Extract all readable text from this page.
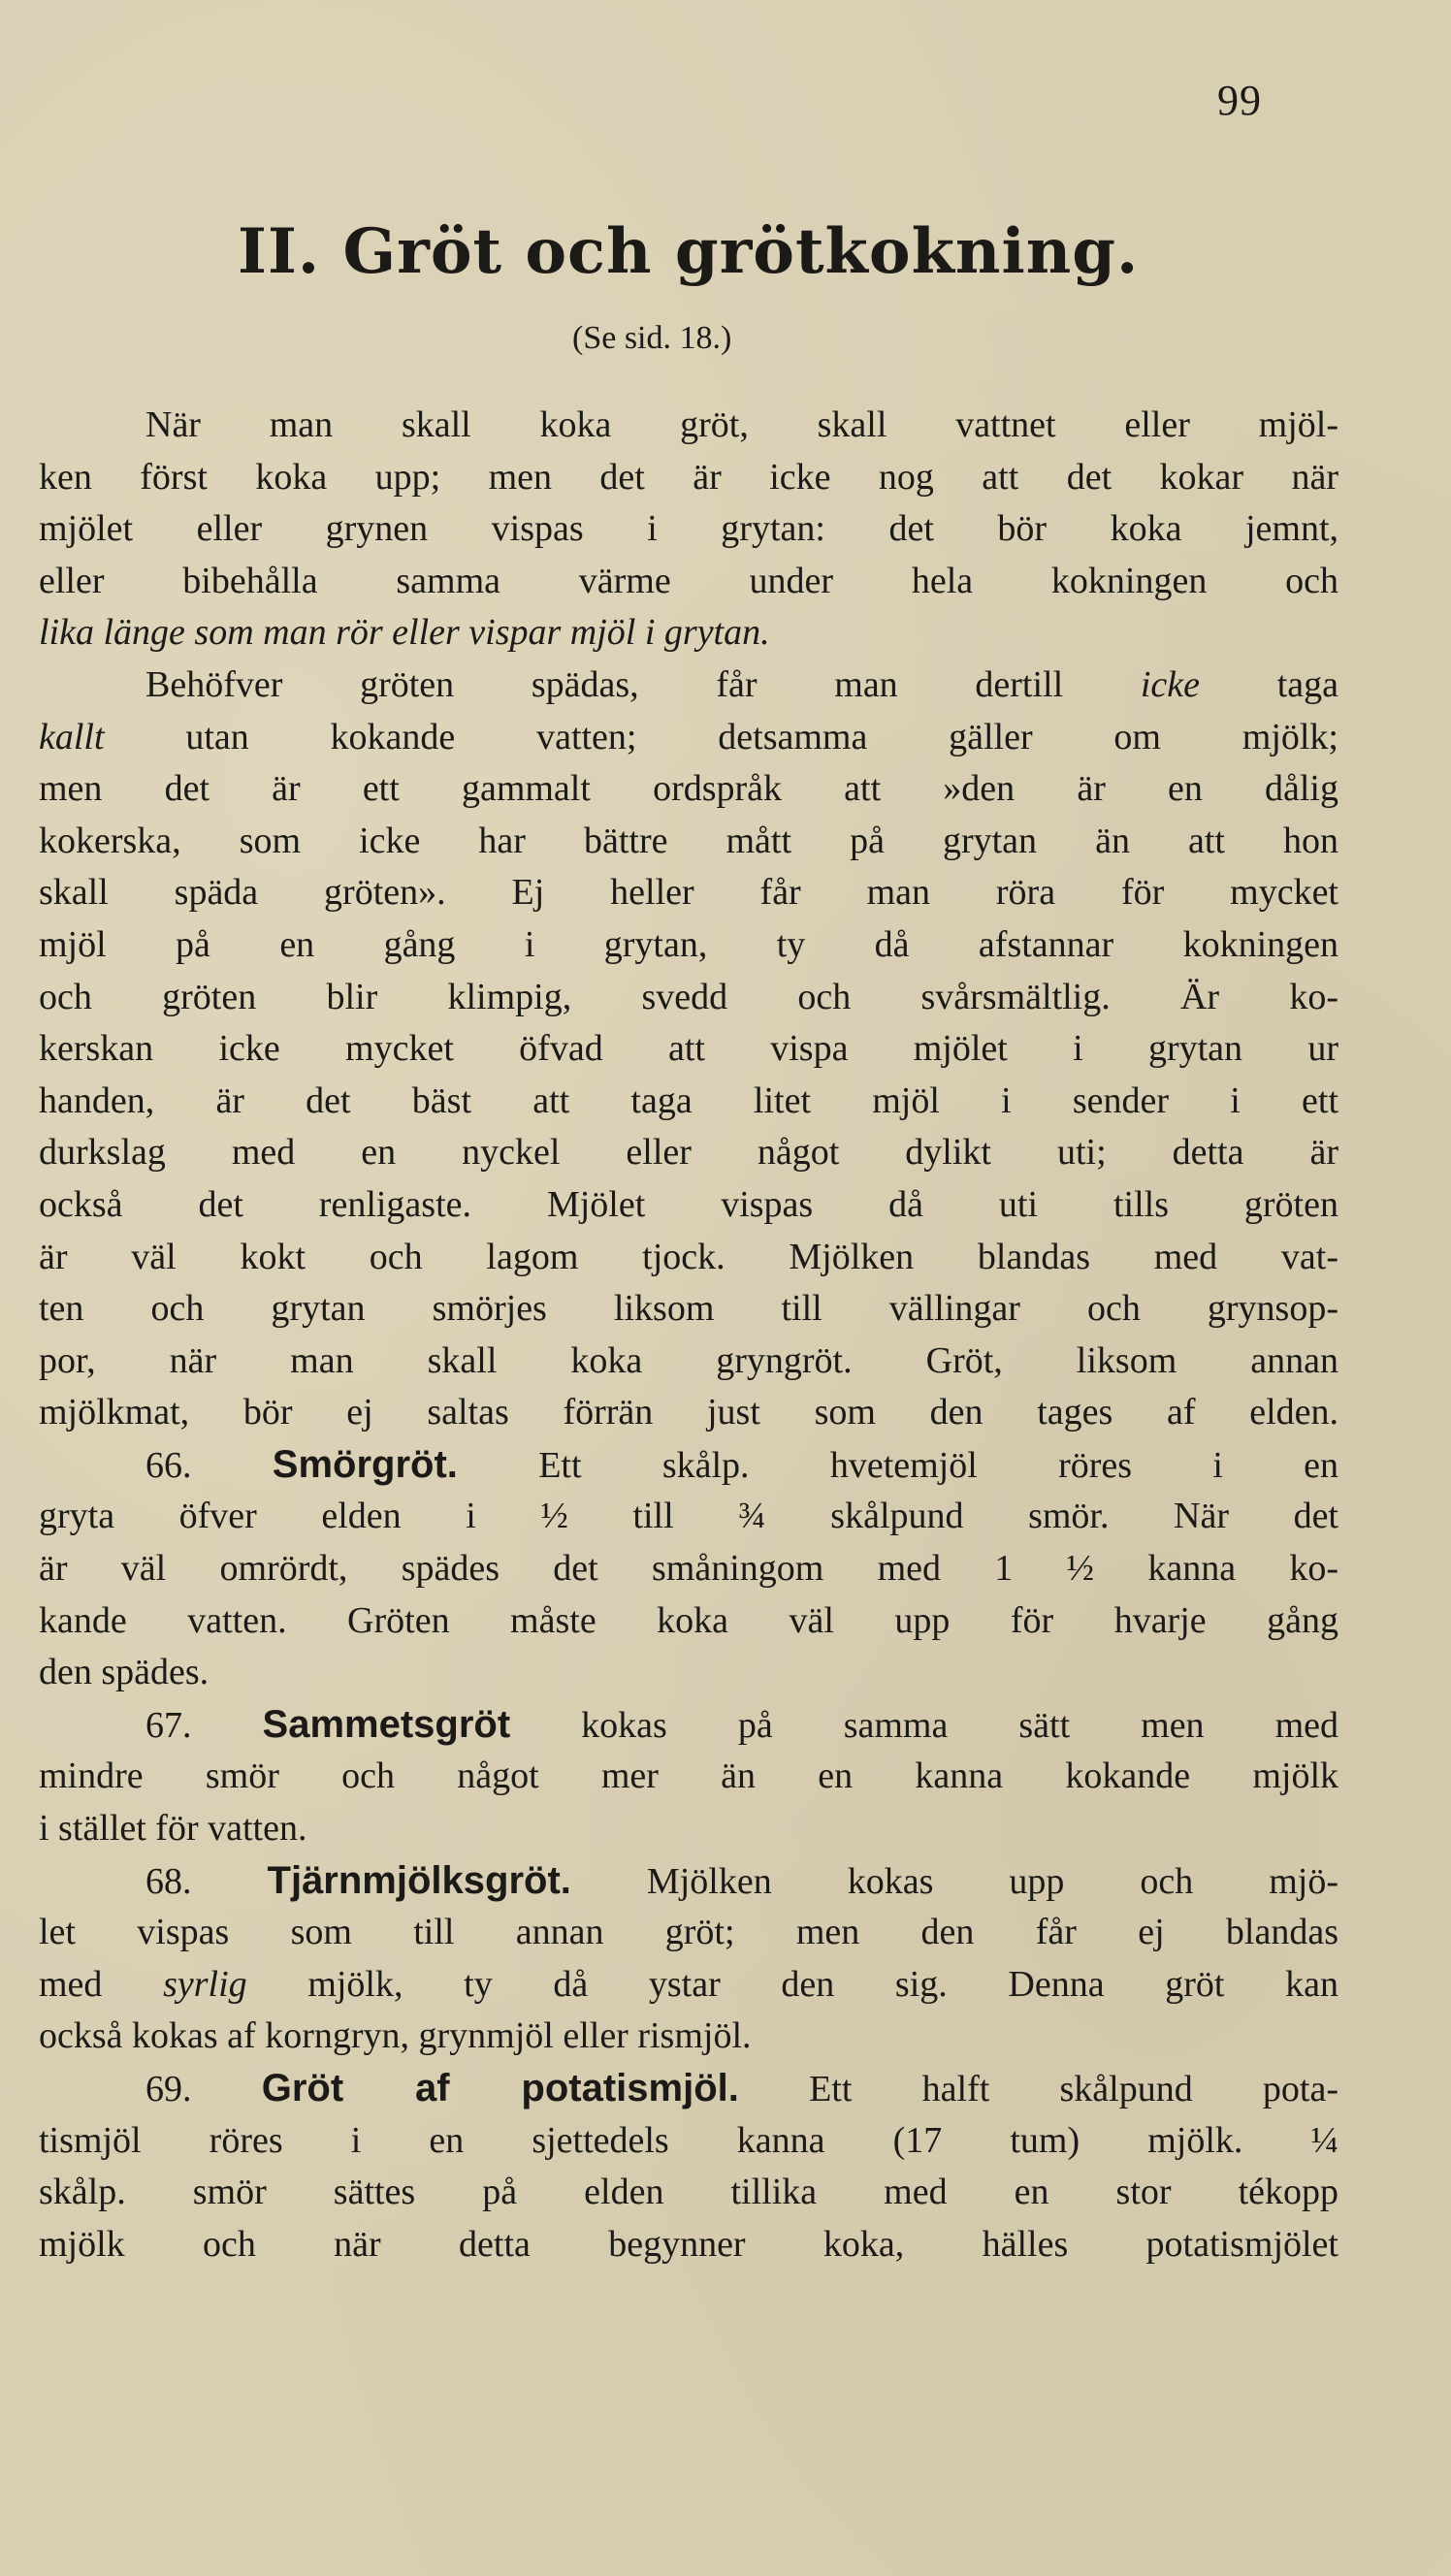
99
II. Gröt och grötkokning.
(Se sid. 18.)
När man skall koka gröt, skall vattnet eller mjöl-
ken först koka upp; men det är icke nog att det kokar när
mjölet eller grynen vispas i grytan: det bör koka jemnt,
eller bibehålla samma värme under hela kokningen och
lika länge som man rör eller vispar mjöl i grytan.
Behöfver gröten spädas, får man dertill icke taga
kallt utan kokande vatten; detsamma gäller om mjölk;
men det är ett gammalt ordspråk att »den är en dålig
kokerska, som icke har bättre mått på grytan än att hon
skall späda gröten». Ej heller får man röra för mycket
mjöl på en gång i grytan, ty då afstannar kokningen
och gröten blir klimpig, svedd och svårsmältlig. Är ko-
kerskan icke mycket öfvad att vispa mjölet i grytan ur
handen, är det bäst att taga litet mjöl i sender i ett
durkslag med en nyckel eller något dylikt uti; detta är
också det renligaste. Mjölet vispas då uti tills gröten
är väl kokt och lagom tjock. Mjölken blandas med vat-
ten och grytan smörjes liksom till vällingar och grynsop-
por, när man skall koka gryngröt. Gröt, liksom annan
mjölkmat, bör ej saltas förrän just som den tages af elden.
66. Smörgröt. Ett skålp. hvetemjöl röres i en
gryta öfver elden i ½ till ¾ skålpund smör. När det
är väl omrördt, spädes det småningom med 1 ½ kanna ko-
kande vatten. Gröten måste koka väl upp för hvarje gång
den spädes.
67. Sammetsgröt kokas på samma sätt men med
mindre smör och något mer än en kanna kokande mjölk
i stället för vatten.
68. Tjärnmjölksgröt. Mjölken kokas upp och mjö-
let vispas som till annan gröt; men den får ej blandas
med syrlig mjölk, ty då ystar den sig. Denna gröt kan
också kokas af korngryn, grynmjöl eller rismjöl.
69. Gröt af potatismjöl. Ett halft skålpund pota-
tismjöl röres i en sjettedels kanna (17 tum) mjölk. ¼
skålp. smör sättes på elden tillika med en stor tékopp
mjölk och när detta begynner koka, hälles potatismjölet
